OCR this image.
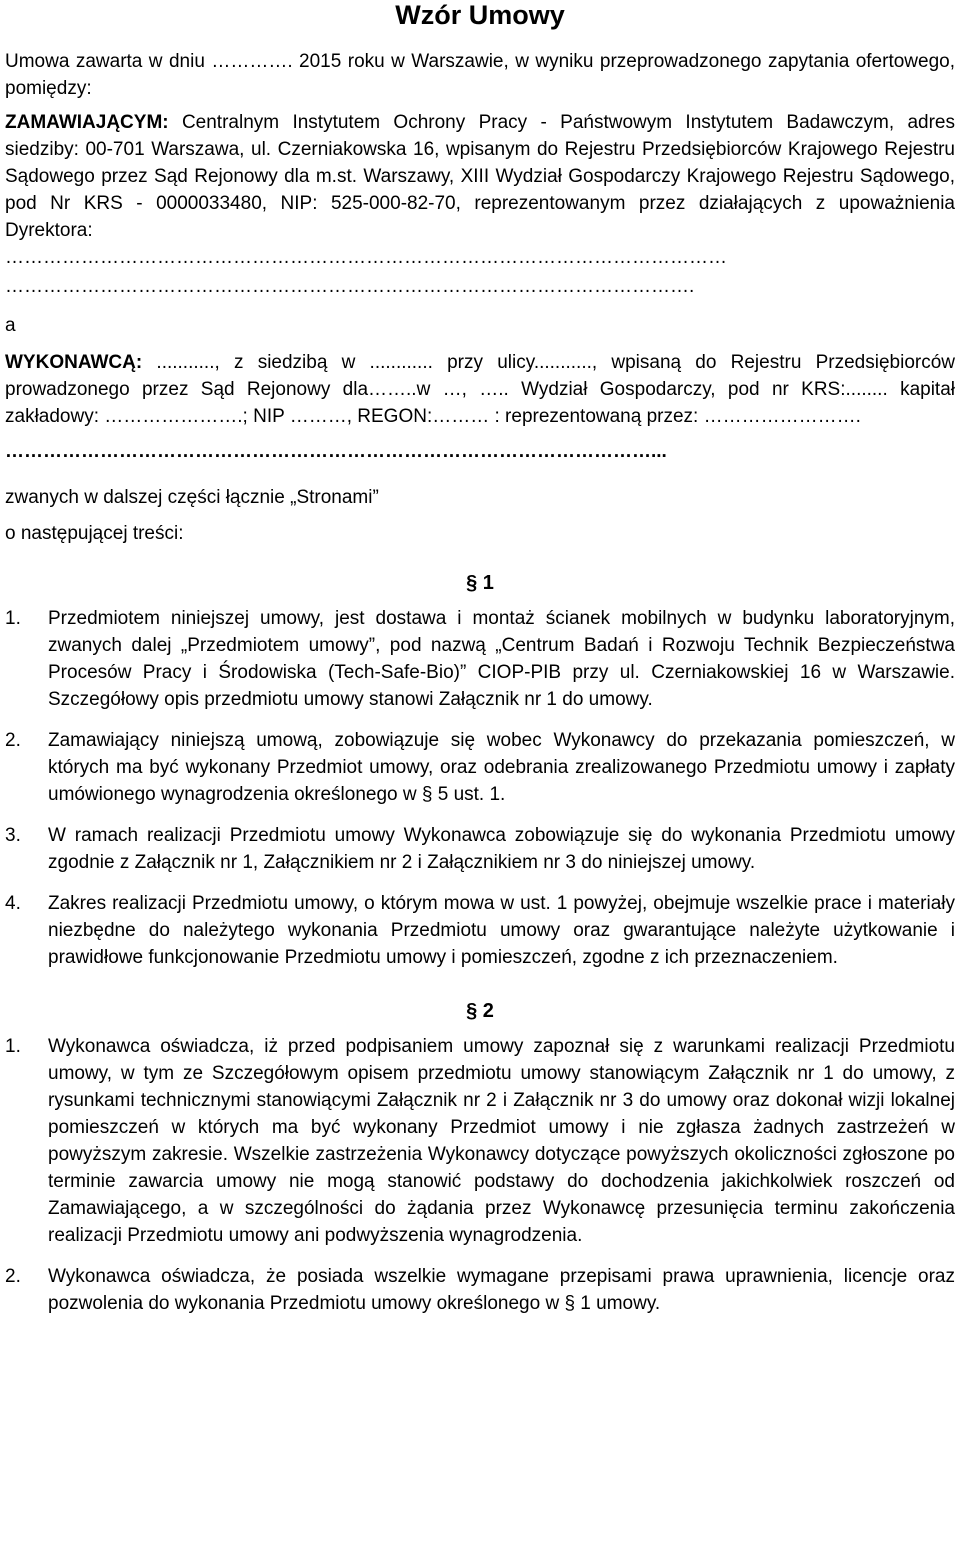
Wzór Umowy

Umowa zawarta w dniu …………. 2015 roku w Warszawie, w wyniku przeprowadzonego zapytania ofertowego, pomiędzy:

ZAMAWIAJĄCYM: Centralnym Instytutem Ochrony Pracy - Państwowym Instytutem Badawczym, adres siedziby: 00-701 Warszawa, ul. Czerniakowska 16, wpisanym do Rejestru Przedsiębiorców Krajowego Rejestru Sądowego przez Sąd Rejonowy dla m.st. Warszawy, XIII Wydział Gospodarczy Krajowego Rejestru Sądowego, pod Nr KRS - 0000033480, NIP: 525-000-82-70, reprezentowanym przez działających z upoważnienia Dyrektora:

……………………………………………………………………………………………………

……………………………………………………………………………………………….

a

WYKONAWCĄ: ..........., z siedzibą w ............ przy ulicy..........., wpisaną do Rejestru Przedsiębiorców prowadzonego przez Sąd Rejonowy dla……..w …, ….. Wydział Gospodarczy, pod nr KRS:........ kapitał zakładowy: ………………….; NIP ………, REGON:……… : reprezentowaną przez: …………………….

…………………………………………………………………………………………...

zwanych w dalszej części łącznie „Stronami”

o następującej treści:

§ 1

1.	Przedmiotem niniejszej umowy, jest dostawa i montaż ścianek mobilnych w budynku laboratoryjnym, zwanych dalej „Przedmiotem umowy”, pod nazwą „Centrum Badań i Rozwoju Technik Bezpieczeństwa Procesów Pracy i Środowiska (Tech-Safe-Bio)” CIOP-PIB przy ul. Czerniakowskiej 16 w Warszawie. Szczegółowy opis przedmiotu umowy stanowi Załącznik nr 1 do umowy.
2.	Zamawiający niniejszą umową, zobowiązuje się wobec Wykonawcy do przekazania pomieszczeń, w których ma być wykonany Przedmiot umowy, oraz odebrania zrealizowanego Przedmiotu umowy i zapłaty umówionego wynagrodzenia określonego w § 5 ust. 1.
3.	W ramach realizacji Przedmiotu umowy Wykonawca zobowiązuje się do wykonania Przedmiotu umowy zgodnie z Załącznik nr 1, Załącznikiem nr 2 i Załącznikiem nr 3 do niniejszej umowy.
4.	Zakres realizacji Przedmiotu umowy, o którym mowa w ust. 1 powyżej, obejmuje wszelkie prace i materiały niezbędne do należytego wykonania Przedmiotu umowy oraz gwarantujące należyte użytkowanie i prawidłowe funkcjonowanie Przedmiotu umowy i pomieszczeń, zgodne z ich przeznaczeniem.

§ 2

1.	Wykonawca oświadcza, iż przed podpisaniem umowy zapoznał się z warunkami realizacji Przedmiotu umowy, w tym ze Szczegółowym opisem przedmiotu umowy stanowiącym Załącznik nr 1 do umowy, z rysunkami technicznymi stanowiącymi Załącznik nr 2 i Załącznik nr 3 do umowy oraz dokonał wizji lokalnej pomieszczeń w których ma być wykonany Przedmiot umowy i nie zgłasza żadnych zastrzeżeń w powyższym zakresie. Wszelkie zastrzeżenia Wykonawcy dotyczące powyższych okoliczności zgłoszone po terminie zawarcia umowy nie mogą stanowić podstawy do dochodzenia jakichkolwiek roszczeń od Zamawiającego, a w szczególności do żądania przez Wykonawcę przesunięcia terminu zakończenia realizacji Przedmiotu umowy ani podwyższenia wynagrodzenia.
2.	Wykonawca oświadcza, że posiada wszelkie wymagane przepisami prawa uprawnienia, licencje oraz pozwolenia do wykonania Przedmiotu umowy określonego w § 1 umowy.
